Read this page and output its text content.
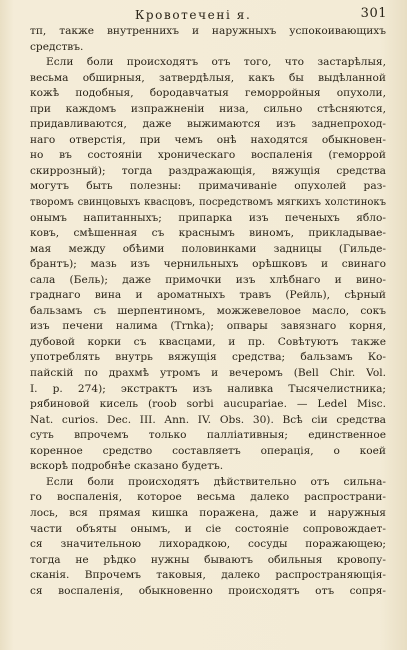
Кровотечені я.	301
тп, также внутреннихъ и наружныхъ успокоивающихъ
средствъ.
Если боли происходятъ отъ того, что застарѣлыя,
весьма обширныя, затвердѣлыя, какъ бы выдѣланной
кожѣ подобныя, бородавчатыя геморройныя опухоли,
при каждомъ изпражненіи низа, сильно стѣсняются,
придавливаются, даже выжимаются изъ заднепроход-
наго отверстія, при чемъ онѣ находятся обыкновен-
но въ состояніи хроническаго воспаленія (геморрой
скиррозный); тогда раздражающія, вяжущія средства
могутъ быть полезны: примачиваніе опухолей раз-
творомъ свинцовыхъ квасцовъ, посредствомъ мягкихъ холстинокъ
онымъ напитанныхъ; припарка изъ печеныхъ ябло-
ковъ, смѣшенная съ краснымъ виномъ, прикладывае-
мая между обѣими половинками задницы (Гильде-
брантъ); мазь изъ чернильныхъ орѣшковъ и свинаго
сала (Бель); даже примочки изъ хлѣбнаго и вино-
граднаго вина и ароматныхъ травъ (Рейль), сѣрный
бальзамъ съ шерпентиномъ, можжевеловое масло, сокъ
изъ печени налима (Trnka); опвары завязнаго корня,
дубовой корки съ квасцами, и пр. Совѣтуютъ также
употреблять внутрь вяжущія средства; бальзамъ Ко-
пайскій по драхмѣ утромъ и вечеромъ (Bell Chir. Vol.
I. p. 274); экстрактъ изъ наливка Тысячелистника;
рябиновой кисель (roob sorbi aucupariae. — Ledel Misc.
Nat. curios. Dec. III. Ann. IV. Obs. 30). Всѣ сіи средства
суть впрочемъ только палліативныя; единственное
коренное средство составляетъ операція, о коей
вскорѣ подробнѣе сказано будетъ.
Если боли происходятъ дѣйствительно отъ сильна-
го воспаленія, которое весьма далеко распространи-
лось, вся прямая кишка поражена, даже и наружныя
части объяты онымъ, и сіе состояніе сопровождает-
ся значительною лихорадкою, сосуды поражающею;
тогда не рѣдко нужны бываютъ обильныя кровопу-
сканія. Впрочемъ таковыя, далеко распространяющія-
ся воспаленія, обыкновенно происходятъ отъ сопря-
